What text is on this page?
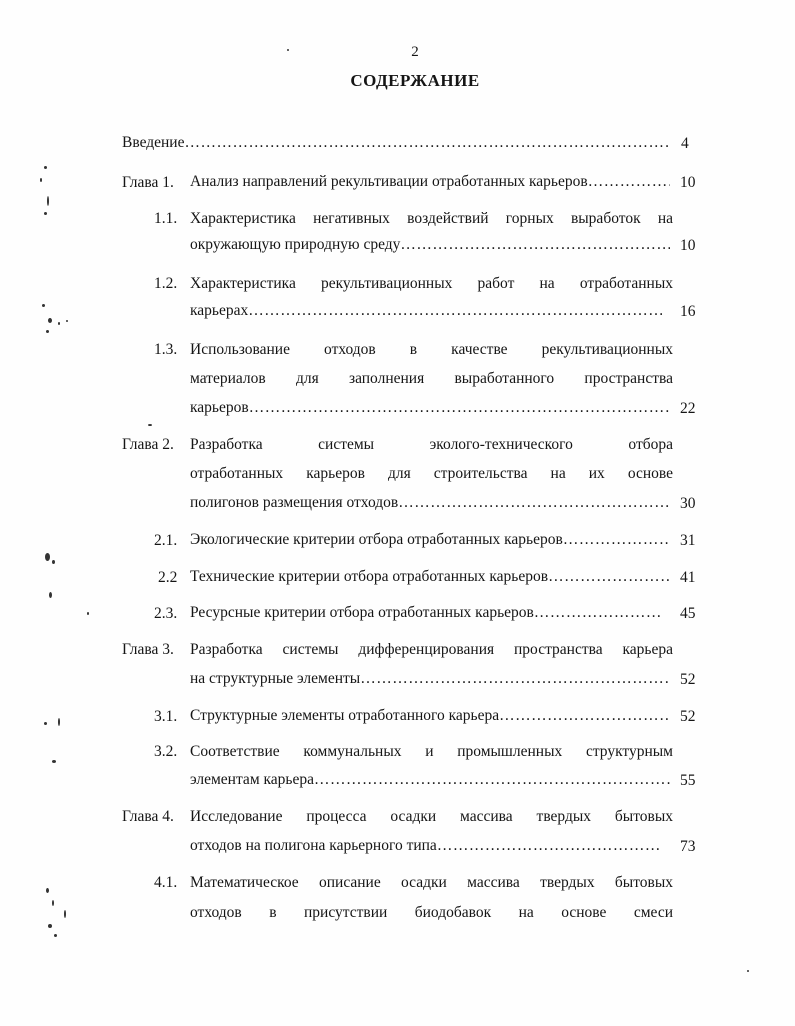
2
СОДЕРЖАНИЕ
Введение …………………………………………………………………………………………………………………………………………………………………………	4
Глава 1. Анализ направлений рекультивации отработанных карьеров …………………………………………………………………………………………………………………………………………………………………………	10
1.1. Характеристика негативных воздействий горных выработок на
окружающую природную среду …………………………………………………………………………………………………………………………………………………………………………	10
1.2. Характеристика рекультивационных работ на отработанных
карьерах …………………………………………………………………………………………………………………………………………………………………………	16
1.3. Использование отходов в качестве рекультивационных
материалов для заполнения выработанного пространства
карьеров …………………………………………………………………………………………………………………………………………………………………………	22
Глава 2. Разработка системы эколого-технического отбора
отработанных карьеров для строительства на их основе
полигонов размещения отходов …………………………………………………………………………………………………………………………………………………………………………	30
2.1. Экологические критерии отбора отработанных карьеров …………………………………………………………………………………………………………………………………………………………………………	31
2.2 Технические критерии отбора отработанных карьеров …………………………………………………………………………………………………………………………………………………………………………	41
2.3. Ресурсные критерии отбора отработанных карьеров …………………………………………………………………………………………………………………………………………………………………………	45
Глава 3. Разработка системы дифференцирования пространства карьера
на структурные элементы …………………………………………………………………………………………………………………………………………………………………………	52
3.1. Структурные элементы отработанного карьера …………………………………………………………………………………………………………………………………………………………………………	52
3.2. Соответствие коммунальных и промышленных структурным
элементам карьера …………………………………………………………………………………………………………………………………………………………………………	55
Глава 4. Исследование процесса осадки массива твердых бытовых
отходов на полигона карьерного типа …………………………………………………………………………………………………………………………………………………………………………	73
4.1. Математическое описание осадки массива твердых бытовых
отходов в присутствии биодобавок на основе смеси
